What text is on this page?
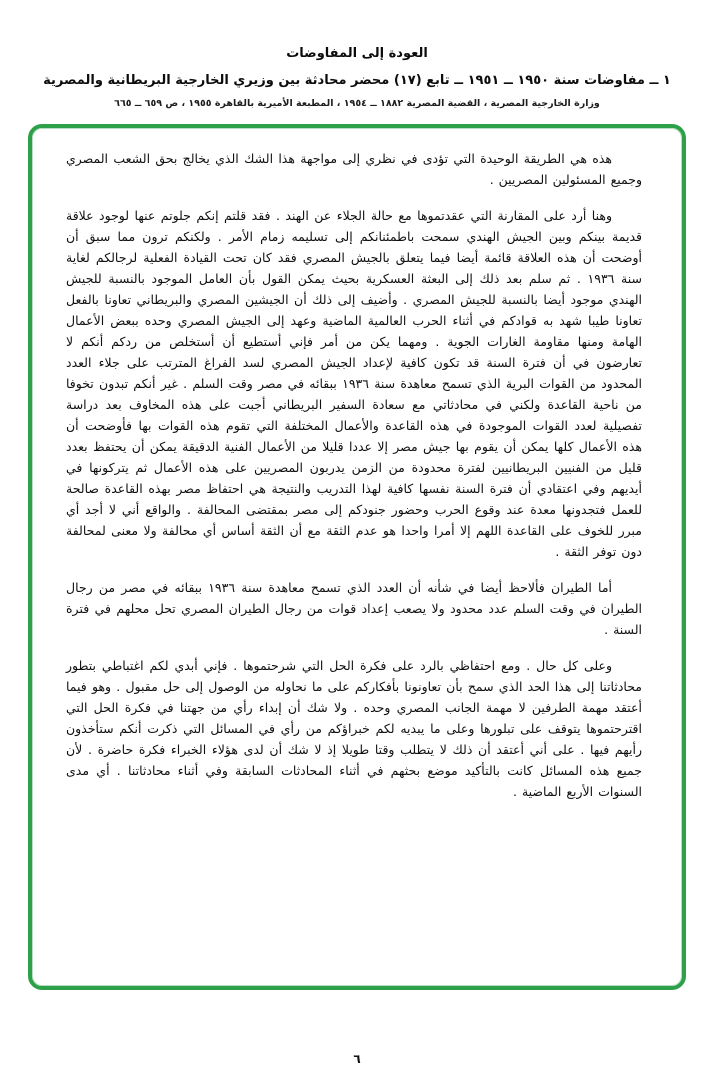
العودة إلى المفاوضات
١ ــ مفاوضات سنة ١٩٥٠ ــ ١٩٥١ ــ تابع (١٧) محضر محادثة بين وزيري الخارجية البريطانية والمصرية
وزارة الخارجية المصرية ، القضية المصرية ١٨٨٢ ــ ١٩٥٤ ، المطبعة الأميرية بالقاهرة ١٩٥٥ ، ص ٦٥٩ ــ ٦٦٥

هذه هي الطريقة الوحيدة التي تؤدى في نظري إلى مواجهة هذا الشك الذي يخالج بحق الشعب المصري وجميع المسئولين المصريين .

وهنا أرد على المقارنة التي عقدتموها مع حالة الجلاء عن الهند . فقد قلتم إنكم جلوتم عنها لوجود علاقة قديمة بينكم وبين الجيش الهندي سمحت باطمئنانكم إلى تسليمه زمام الأمر . ولكنكم ترون مما سبق أن أوضحت أن هذه العلاقة قائمة أيضا فيما يتعلق بالجيش المصري فقد كان تحت القيادة الفعلية لرجالكم لغاية سنة ١٩٣٦ . ثم سلم بعد ذلك إلى البعثة العسكرية بحيث يمكن القول بأن العامل الموجود بالنسبة للجيش الهندي موجود أيضا بالنسبة للجيش المصري . وأضيف إلى ذلك أن الجيشين المصري والبريطاني تعاونا بالفعل تعاونا طيبا شهد به قوادكم في أثناء الحرب العالمية الماضية وعهد إلى الجيش المصري وحده ببعض الأعمال الهامة ومنها مقاومة الغارات الجوية . ومهما يكن من أمر فإني أستطيع أن أستخلص من ردكم أنكم لا تعارضون في أن فترة السنة قد تكون كافية لإعداد الجيش المصري لسد الفراغ المترتب على جلاء العدد المحدود من القوات البرية الذي تسمح معاهدة سنة ١٩٣٦ ببقائه في مصر وقت السلم . غير أنكم تبدون تخوفا من ناحية القاعدة ولكني في محادثاتي مع سعادة السفير البريطاني أجبت على هذه المخاوف بعد دراسة تفصيلية لعدد القوات الموجودة في هذه القاعدة والأعمال المختلفة التي تقوم هذه القوات بها فأوضحت أن هذه الأعمال كلها يمكن أن يقوم بها جيش مصر إلا عددا قليلا من الأعمال الفنية الدقيقة يمكن أن يحتفظ بعدد قليل من الفنيين البريطانيين لفترة محدودة من الزمن يدربون المصريين على هذه الأعمال ثم يتركونها في أيديهم وفي اعتقادي أن فترة السنة نفسها كافية لهذا التدريب والنتيجة هي احتفاظ مصر بهذه القاعدة صالحة للعمل فتجدونها معدة عند وقوع الحرب وحضور جنودكم إلى مصر بمقتضى المحالفة . والواقع أني لا أجد أي مبرر للخوف على القاعدة اللهم إلا أمرا واحدا هو عدم الثقة مع أن الثقة أساس أي محالفة ولا معنى لمحالفة دون توفر الثقة .

أما الطيران فألاحظ أيضا في شأنه أن العدد الذي تسمح معاهدة سنة ١٩٣٦ ببقائه في مصر من رجال الطيران في وقت السلم عدد محدود ولا يصعب إعداد قوات من رجال الطيران المصري تحل محلهم في فترة السنة .

وعلى كل حال . ومع احتفاظي بالرد على فكرة الحل التي شرحتموها . فإني أبدي لكم اغتباطي بتطور محادثاتنا إلى هذا الحد الذي سمح بأن تعاونونا بأفكاركم على ما نحاوله من الوصول إلى حل مقبول . وهو فيما أعتقد مهمة الطرفين لا مهمة الجانب المصري وحده . ولا شك أن إبداء رأي من جهتنا في فكرة الحل التي اقترحتموها يتوقف على تبلورها وعلى ما يبديه لكم خبراؤكم من رأي في المسائل التي ذكرت أنكم ستأخذون رأيهم فيها . على أني أعتقد أن ذلك لا يتطلب وقتا طويلا إذ لا شك أن لدى هؤلاء الخبراء فكرة حاضرة . لأن جميع هذه المسائل كانت بالتأكيد موضع بحثهم في أثناء المحادثات السابقة وفي أثناء محادثاتنا . أي مدى السنوات الأربع الماضية .

٦
